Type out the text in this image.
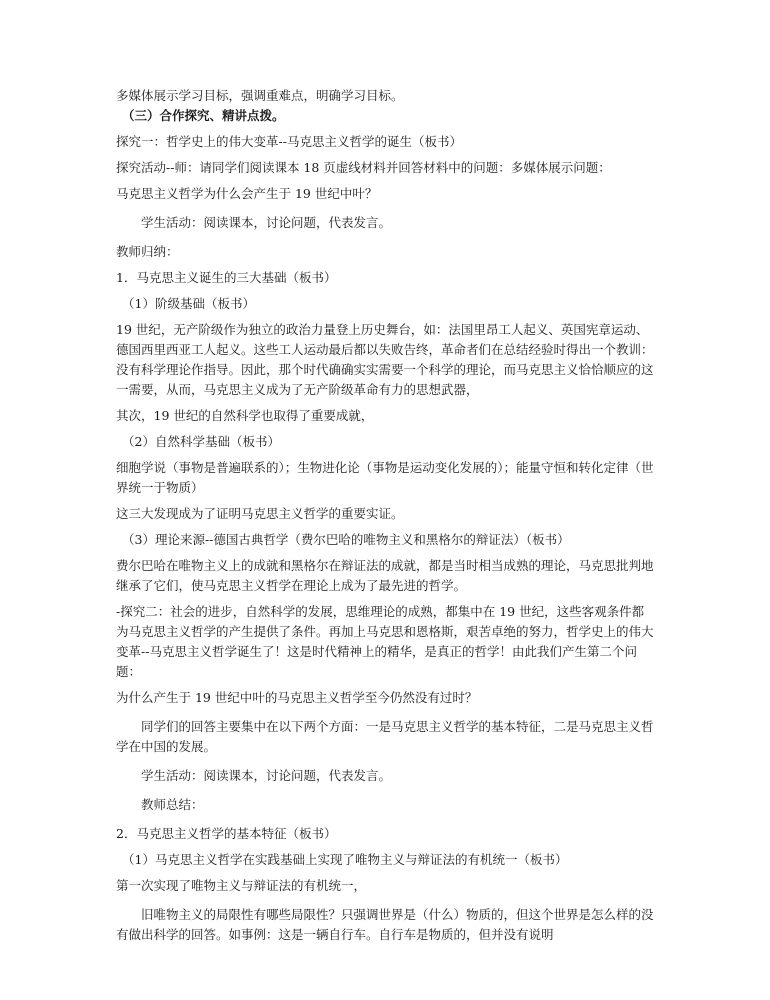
多媒体展示学习目标，强调重难点，明确学习目标。

（三）合作探究、精讲点拨。

探究一：哲学史上的伟大变革--马克思主义哲学的诞生（板书）

探究活动--师：请同学们阅读课本 18 页虚线材料并回答材料中的问题：多媒体展示问题：

马克思主义哲学为什么会产生于 19 世纪中叶？

学生活动：阅读课本，讨论问题，代表发言。

教师归纳：

1．马克思主义诞生的三大基础（板书）

（1）阶级基础（板书）

19 世纪，无产阶级作为独立的政治力量登上历史舞台，如：法国里昂工人起义、英国宪章运动、德国西里西亚工人起义。这些工人运动最后都以失败告终，革命者们在总结经验时得出一个教训：没有科学理论作指导。因此，那个时代确确实实需要一个科学的理论，而马克思主义恰恰顺应的这一需要，从而，马克思主义成为了无产阶级革命有力的思想武器，

其次，19 世纪的自然科学也取得了重要成就，

（2）自然科学基础（板书）

细胞学说（事物是普遍联系的）；生物进化论（事物是运动变化发展的）；能量守恒和转化定律（世界统一于物质）

这三大发现成为了证明马克思主义哲学的重要实证。

（3）理论来源--德国古典哲学（费尔巴哈的唯物主义和黑格尔的辩证法）（板书）

费尔巴哈在唯物主义上的成就和黑格尔在辩证法的成就，都是当时相当成熟的理论，马克思批判地继承了它们，使马克思主义哲学在理论上成为了最先进的哲学。

-探究二：社会的进步，自然科学的发展，思维理论的成熟，都集中在 19 世纪，这些客观条件都为马克思主义哲学的产生提供了条件。再加上马克思和恩格斯，艰苦卓绝的努力，哲学史上的伟大变革--马克思主义哲学诞生了！这是时代精神上的精华，是真正的哲学！由此我们产生第二个问题：

为什么产生于 19 世纪中叶的马克思主义哲学至今仍然没有过时？

同学们的回答主要集中在以下两个方面：一是马克思主义哲学的基本特征，二是马克思主义哲学在中国的发展。

学生活动：阅读课本，讨论问题，代表发言。

教师总结：

2．马克思主义哲学的基本特征（板书）

（1）马克思主义哲学在实践基础上实现了唯物主义与辩证法的有机统一（板书）

第一次实现了唯物主义与辩证法的有机统一，

旧唯物主义的局限性有哪些局限性？只强调世界是（什么）物质的，但这个世界是怎么样的没有做出科学的回答。如事例：这是一辆自行车。自行车是物质的，但并没有说明
